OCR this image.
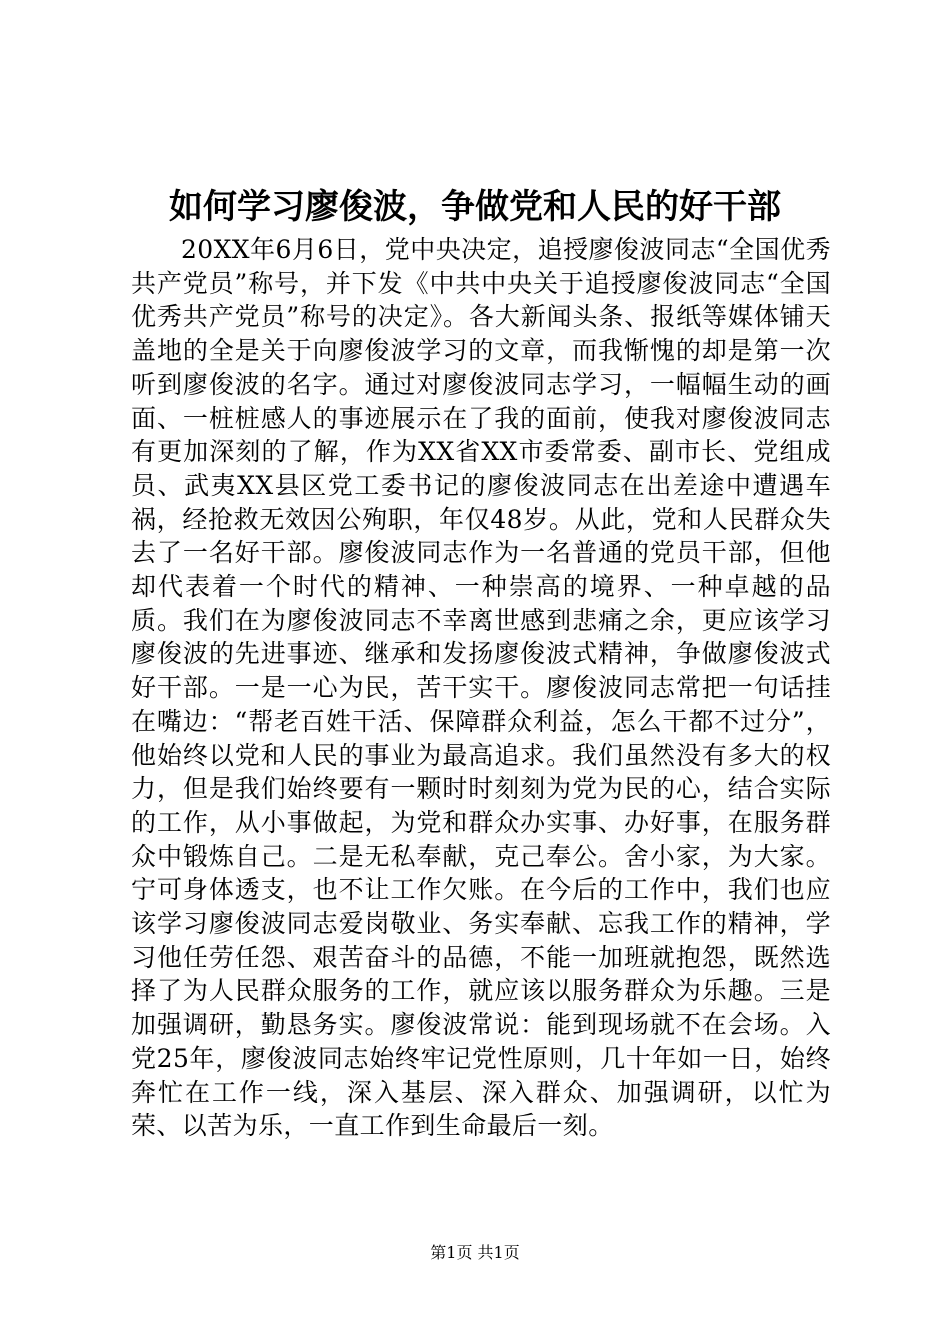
如何学习廖俊波，争做党和人民的好干部

20XX年6月6日，党中央决定，追授廖俊波同志“全国优秀共产党员”称号，并下发《中共中央关于追授廖俊波同志“全国优秀共产党员”称号的决定》。各大新闻头条、报纸等媒体铺天盖地的全是关于向廖俊波学习的文章，而我惭愧的却是第一次听到廖俊波的名字。通过对廖俊波同志学习，一幅幅生动的画面、一桩桩感人的事迹展示在了我的面前，使我对廖俊波同志有更加深刻的了解，作为XX省XX市委常委、副市长、党组成员、武夷XX县区党工委书记的廖俊波同志在出差途中遭遇车祸，经抢救无效因公殉职，年仅48岁。从此，党和人民群众失去了一名好干部。廖俊波同志作为一名普通的党员干部，但他却代表着一个时代的精神、一种崇高的境界、一种卓越的品质。我们在为廖俊波同志不幸离世感到悲痛之余，更应该学习廖俊波的先进事迹、继承和发扬廖俊波式精神，争做廖俊波式好干部。一是一心为民，苦干实干。廖俊波同志常把一句话挂在嘴边：“帮老百姓干活、保障群众利益，怎么干都不过分”，他始终以党和人民的事业为最高追求。我们虽然没有多大的权力，但是我们始终要有一颗时时刻刻为党为民的心，结合实际的工作，从小事做起，为党和群众办实事、办好事，在服务群众中锻炼自己。二是无私奉献，克己奉公。舍小家，为大家。宁可身体透支，也不让工作欠账。在今后的工作中，我们也应该学习廖俊波同志爱岗敬业、务实奉献、忘我工作的精神，学习他任劳任怨、艰苦奋斗的品德，不能一加班就抱怨，既然选择了为人民群众服务的工作，就应该以服务群众为乐趣。三是加强调研，勤恳务实。廖俊波常说：能到现场就不在会场。入党25年，廖俊波同志始终牢记党性原则，几十年如一日，始终奔忙在工作一线，深入基层、深入群众、加强调研，以忙为荣、以苦为乐，一直工作到生命最后一刻。

第1页 共1页
